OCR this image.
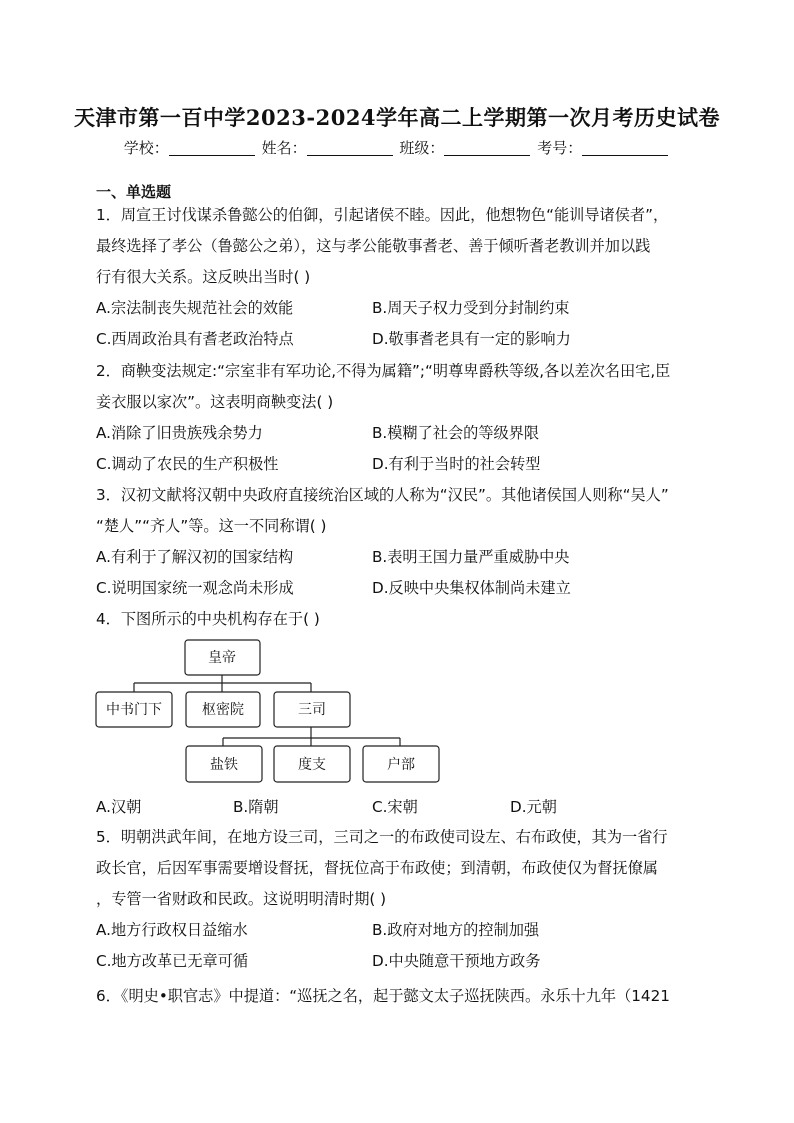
天津市第一百中学2023-2024学年高二上学期第一次月考历史试卷
学校：	姓名：	班级：	考号：
一、单选题
1．周宣王讨伐谋杀鲁懿公的伯御，引起诸侯不睦。因此，他想物色“能训导诸侯者”，
最终选择了孝公（鲁懿公之弟），这与孝公能敬事耆老、善于倾听耆老教训并加以践
行有很大关系。这反映出当时( )
A.宗法制丧失规范社会的效能	B.周天子权力受到分封制约束
C.西周政治具有耆老政治特点	D.敬事耆老具有一定的影响力
2．商鞅变法规定:“宗室非有军功论,不得为属籍”;“明尊卑爵秩等级,各以差次名田宅,臣
妾衣服以家次”。这表明商鞅变法( )
A.消除了旧贵族残余势力	B.模糊了社会的等级界限
C.调动了农民的生产积极性	D.有利于当时的社会转型
3．汉初文献将汉朝中央政府直接统治区域的人称为“汉民”。其他诸侯国人则称“吴人”
“楚人”“齐人”等。这一不同称谓( )
A.有利于了解汉初的国家结构	B.表明王国力量严重威胁中央
C.说明国家统一观念尚未形成	D.反映中央集权体制尚未建立
4．下图所示的中央机构存在于( )
皇帝
中书门下	枢密院	三司
盐铁	度支	户部
A.汉朝	B.隋朝	C.宋朝	D.元朝
5．明朝洪武年间，在地方设三司，三司之一的布政使司设左、右布政使，其为一省行
政长官，后因军事需要增设督抚，督抚位高于布政使；到清朝，布政使仅为督抚僚属
，专管一省财政和民政。这说明明清时期( )
A.地方行政权日益缩水	B.政府对地方的控制加强
C.地方改革已无章可循	D.中央随意干预地方政务
6．《明史•职官志》中提道：“巡抚之名，起于懿文太子巡抚陕西。永乐十九年（1421
